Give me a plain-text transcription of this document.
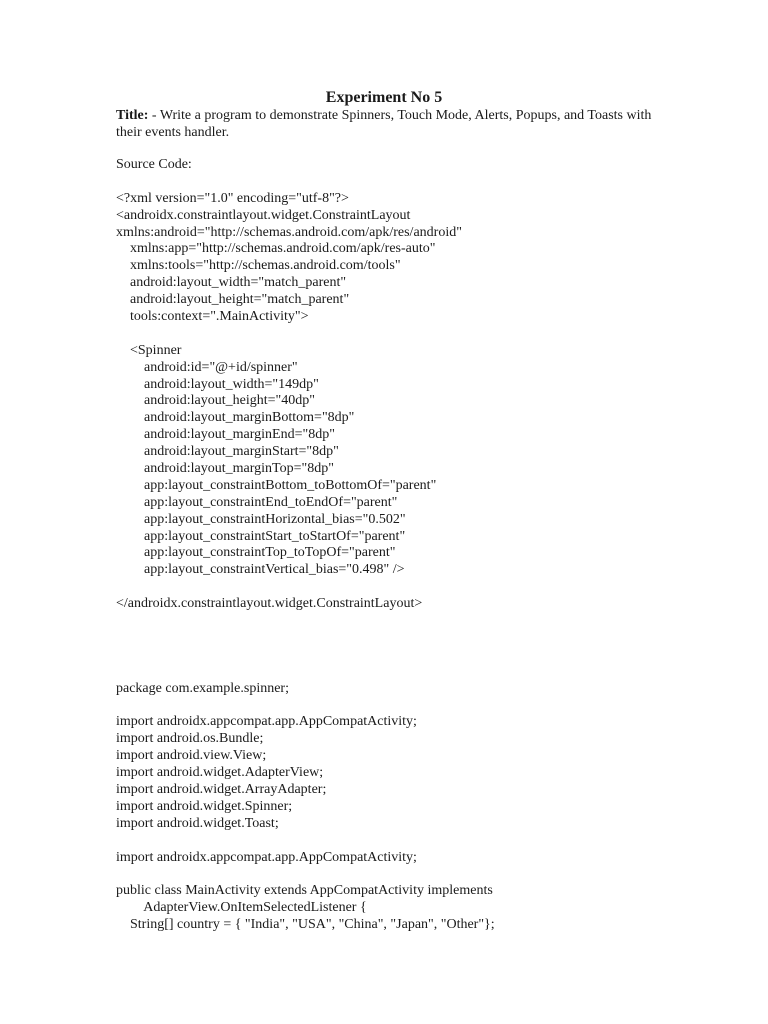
Experiment No 5
Title: - Write a program to demonstrate Spinners, Touch Mode, Alerts, Popups, and Toasts with their events handler.
Source Code:
<?xml version="1.0" encoding="utf-8"?>
<androidx.constraintlayout.widget.ConstraintLayout
xmlns:android="http://schemas.android.com/apk/res/android"
xmlns:app="http://schemas.android.com/apk/res-auto"
xmlns:tools="http://schemas.android.com/tools"
android:layout_width="match_parent"
android:layout_height="match_parent"
tools:context=".MainActivity">
<Spinner
android:id="@+id/spinner"
android:layout_width="149dp"
android:layout_height="40dp"
android:layout_marginBottom="8dp"
android:layout_marginEnd="8dp"
android:layout_marginStart="8dp"
android:layout_marginTop="8dp"
app:layout_constraintBottom_toBottomOf="parent"
app:layout_constraintEnd_toEndOf="parent"
app:layout_constraintHorizontal_bias="0.502"
app:layout_constraintStart_toStartOf="parent"
app:layout_constraintTop_toTopOf="parent"
app:layout_constraintVertical_bias="0.498" />
</androidx.constraintlayout.widget.ConstraintLayout>
package com.example.spinner;
import androidx.appcompat.app.AppCompatActivity;
import android.os.Bundle;
import android.view.View;
import android.widget.AdapterView;
import android.widget.ArrayAdapter;
import android.widget.Spinner;
import android.widget.Toast;
import androidx.appcompat.app.AppCompatActivity;
public class MainActivity extends AppCompatActivity implements
AdapterView.OnItemSelectedListener {
String[] country = { "India", "USA", "China", "Japan", "Other"};
